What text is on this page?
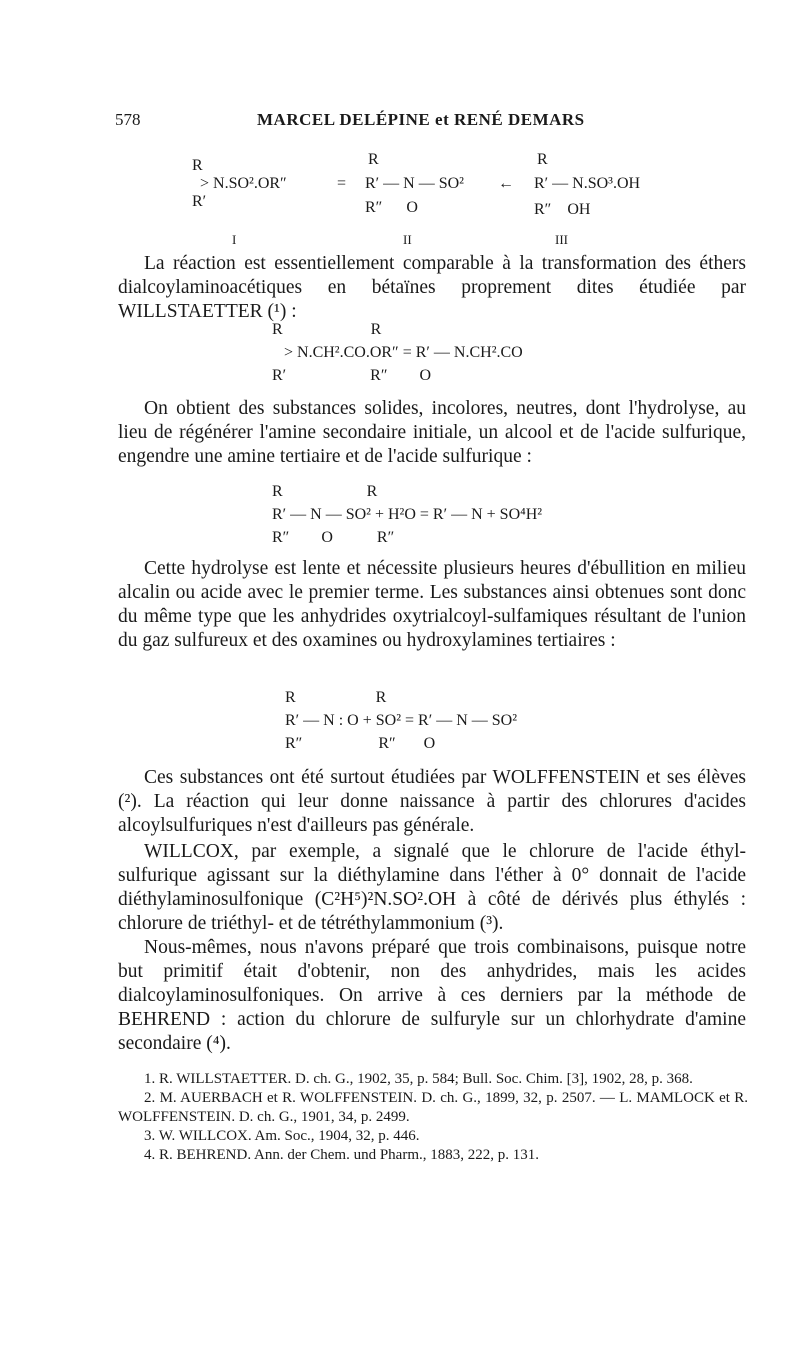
578	MARCEL DELÉPINE et RENÉ DEMARS
R
> N.SO².OR″
R′
=
R
R′ — N — SO²
R″      O
←
R
R′ — N.SO³.OH
R″    OH
I	II	III

La réaction est essentiellement comparable à la transformation des éthers dialcoylaminoacétiques en bétaïnes proprement dites étudiée par WILLSTAETTER (¹) :

R                      R
> N.CH².CO.OR″ = R′ — N.CH².CO
R′                     R″        O

On obtient des substances solides, incolores, neutres, dont l'hydrolyse, au lieu de régénérer l'amine secondaire initiale, un alcool et de l'acide sulfurique, engendre une amine tertiaire et de l'acide sulfurique :

R                     R
R′ — N — SO² + H²O = R′ — N + SO⁴H²
R″        O           R″

Cette hydrolyse est lente et nécessite plusieurs heures d'ébullition en milieu alcalin ou acide avec le premier terme. Les substances ainsi obtenues sont donc du même type que les anhydrides oxytrialcoyl-sulfamiques résultant de l'union du gaz sulfureux et des oxamines ou hydroxylamines tertiaires :

R                    R
R′ — N : O + SO² = R′ — N — SO²
R″                   R″       O

Ces substances ont été surtout étudiées par WOLFFENSTEIN et ses élèves (²). La réaction qui leur donne naissance à partir des chlorures d'acides alcoylsulfuriques n'est d'ailleurs pas générale.

WILLCOX, par exemple, a signalé que le chlorure de l'acide éthyl-sulfurique agissant sur la diéthylamine dans l'éther à 0° donnait de l'acide diéthylaminosulfonique (C²H⁵)²N.SO².OH à côté de dérivés plus éthylés : chlorure de triéthyl- et de tétréthylammonium (³).

Nous-mêmes, nous n'avons préparé que trois combinaisons, puisque notre but primitif était d'obtenir, non des anhydrides, mais les acides dialcoylaminosulfoniques. On arrive à ces derniers par la méthode de BEHREND : action du chlorure de sulfuryle sur un chlorhydrate d'amine secondaire (⁴).

1. R. WILLSTAETTER. D. ch. G., 1902, 35, p. 584; Bull. Soc. Chim. [3], 1902, 28, p. 368.

2. M. AUERBACH et R. WOLFFENSTEIN. D. ch. G., 1899, 32, p. 2507. — L. MAMLOCK et R. WOLFFENSTEIN. D. ch. G., 1901, 34, p. 2499.

3. W. WILLCOX. Am. Soc., 1904, 32, p. 446.

4. R. BEHREND. Ann. der Chem. und Pharm., 1883, 222, p. 131.
